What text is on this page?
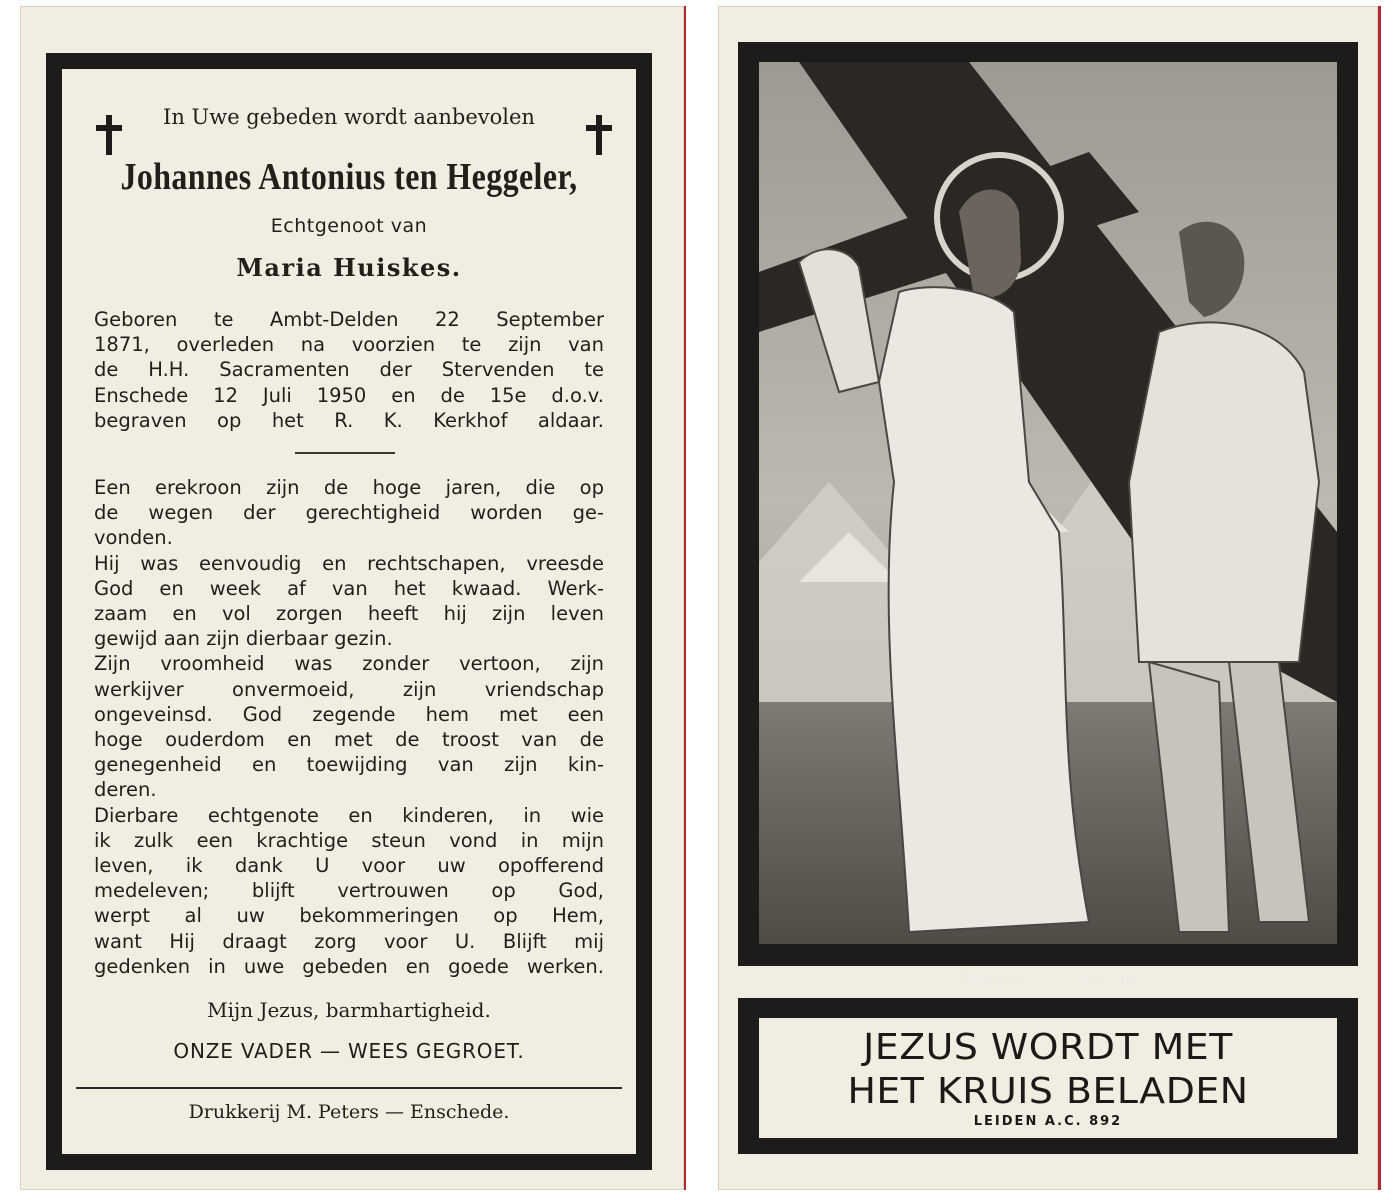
In Uwe gebeden wordt aanbevolen
Johannes Antonius ten Heggeler,
Echtgenoot van
Maria Huiskes.
Geboren te Ambt-Delden 22 September
1871, overleden na voorzien te zijn van
de H.H. Sacramenten der Stervenden te
Enschede 12 Juli 1950 en de 15e d.o.v.
begraven op het R. K. Kerkhof aldaar.
Een erekroon zijn de hoge jaren, die op
de wegen der gerechtigheid worden ge-
vonden.
Hij was eenvoudig en rechtschapen, vreesde
God en week af van het kwaad. Werk-
zaam en vol zorgen heeft hij zijn leven
gewijd aan zijn dierbaar gezin.
Zijn vroomheid was zonder vertoon, zijn
werkijver onvermoeid, zijn vriendschap
ongeveinsd. God zegende hem met een
hoge ouderdom en met de troost van de
genegenheid en toewijding van zijn kin-
deren.
Dierbare echtgenote en kinderen, in wie
ik zulk een krachtige steun vond in mijn
leven, ik dank U voor uw opofferend
medeleven; blijft vertrouwen op God,
werpt al uw bekommeringen op Hem,
want Hij draagt zorg voor U. Blijft mij
gedenken in uwe gebeden en goede werken.
Mijn Jezus, barmhartigheid.
ONZE VADER — WEES GEGROET.
Drukkerij M. Peters — Enschede.
TWEEDE	STATIE
JEZUS WORDT MET
HET KRUIS BELADEN
LEIDEN A.C. 892
